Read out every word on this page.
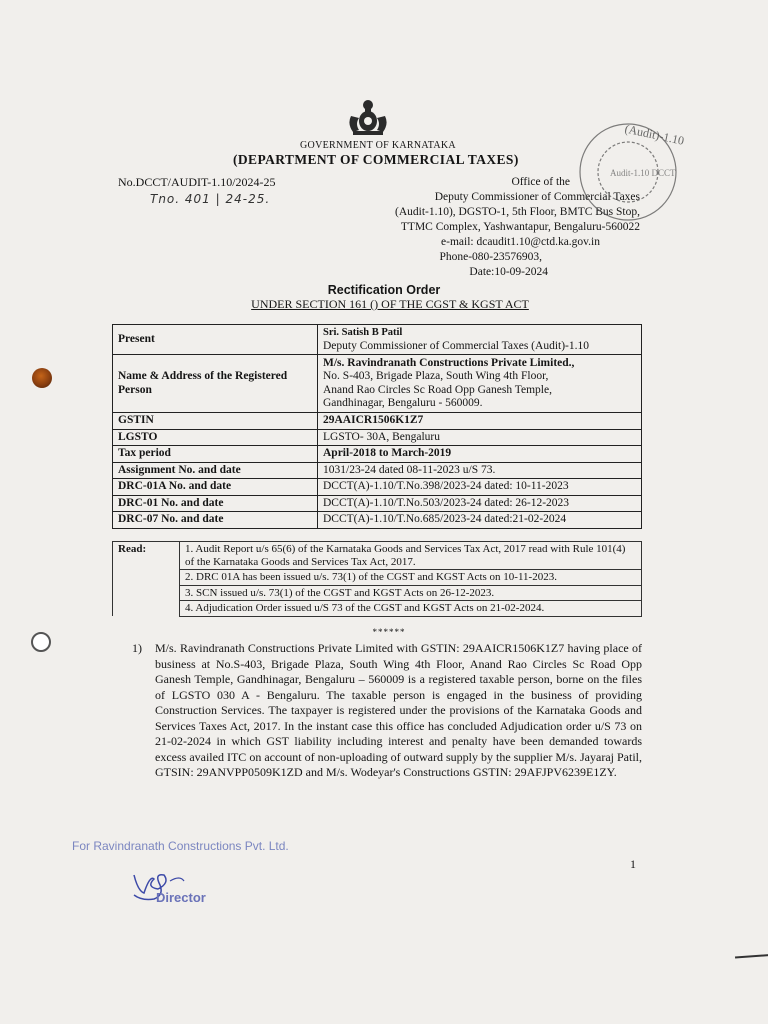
GOVERNMENT OF KARNATAKA
(DEPARTMENT OF COMMERCIAL TAXES)
No.DCCT/AUDIT-1.10/2024-25
Tno. 401 | 24-25.
Office of the
Deputy Commissioner of Commercial Taxes
(Audit-1.10), DGSTO-1, 5th Floor, BMTC Bus Stop,
TTMC Complex, Yashwantapur, Bengaluru-560022
e-mail: dcaudit1.10@ctd.ka.gov.in
Phone-080-23576903,
Date:10-09-2024
(Audit)-1.10
Audit-1.10 DCCT
Rectification Order
UNDER SECTION 161 () OF THE CGST & KGST ACT
Present	Sri. Satish B Patil
Deputy Commissioner of Commercial Taxes (Audit)-1.10

Name & Address of the Registered Person	M/s. Ravindranath Constructions Private Limited.,
No. S-403, Brigade Plaza, South Wing 4th Floor,
Anand Rao Circles Sc Road Opp Ganesh Temple,
Gandhinagar, Bengaluru - 560009.

GSTIN	29AAICR1506K1Z7
LGSTO	LGSTO- 30A, Bengaluru
Tax period	April-2018 to March-2019
Assignment No. and date	1031/23-24 dated 08-11-2023 u/S 73.
DRC-01A No. and date	DCCT(A)-1.10/T.No.398/2023-24 dated: 10-11-2023
DRC-01 No. and date	DCCT(A)-1.10/T.No.503/2023-24 dated: 26-12-2023
DRC-07 No. and date	DCCT(A)-1.10/T.No.685/2023-24 dated:21-02-2024
Read:	1. Audit Report u/s 65(6) of the Karnataka Goods and Services Tax Act, 2017 read with Rule 101(4) of the Karnataka Goods and Services Tax Act, 2017.
2. DRC 01A has been issued u/s. 73(1) of the CGST and KGST Acts on 10-11-2023.
3. SCN issued u/s. 73(1) of the CGST and KGST Acts on 26-12-2023.
4. Adjudication Order issued u/S 73 of the CGST and KGST Acts on 21-02-2024.
******
1) M/s. Ravindranath Constructions Private Limited with GSTIN: 29AAICR1506K1Z7 having place of business at No.S-403, Brigade Plaza, South Wing 4th Floor, Anand Rao Circles Sc Road Opp Ganesh Temple, Gandhinagar, Bengaluru – 560009 is a registered taxable person, borne on the files of LGSTO 030 A - Bengaluru. The taxable person is engaged in the business of providing Construction Services. The taxpayer is registered under the provisions of the Karnataka Goods and Services Taxes Act, 2017. In the instant case this office has concluded Adjudication order u/S 73 on 21-02-2024 in which GST liability including interest and penalty have been demanded towards excess availed ITC on account of non-uploading of outward supply by the supplier M/s. Jayaraj Patil, GTSIN: 29ANVPP0509K1ZD and M/s. Wodeyar's Constructions GSTIN: 29AFJPV6239E1ZY.
For Ravindranath Constructions Pvt. Ltd.
Director
1
